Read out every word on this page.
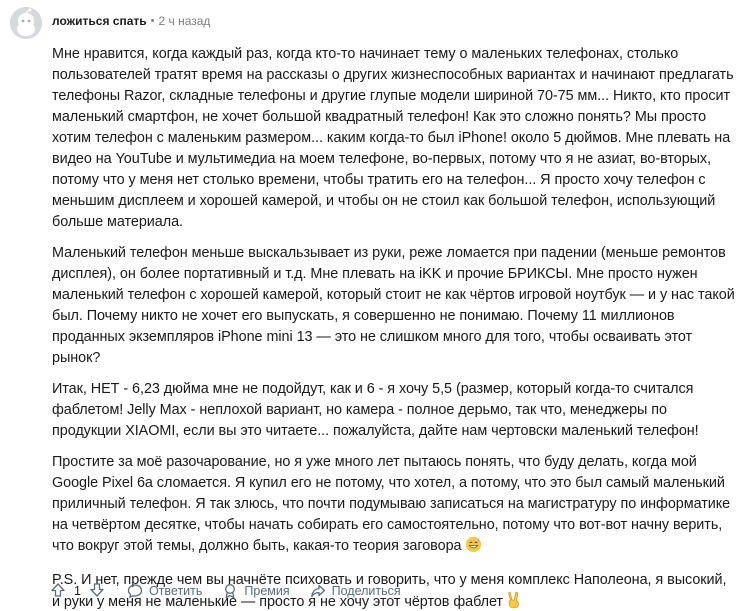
ложиться спать • 2 ч назад

Мне нравится, когда каждый раз, когда кто-то начинает тему о маленьких телефонах, столько пользователей тратят время на рассказы о других жизнеспособных вариантах и начинают предлагать телефоны Razor, складные телефоны и другие глупые модели шириной 70-75 мм... Никто, кто просит маленький смартфон, не хочет большой квадратный телефон! Как это сложно понять? Мы просто хотим телефон с маленьким размером... каким когда-то был iPhone! около 5 дюймов. Мне плевать на видео на YouTube и мультимедиа на моем телефоне, во-первых, потому что я не азиат, во-вторых, потому что у меня нет столько времени, чтобы тратить его на телефон... Я просто хочу телефон с меньшим дисплеем и хорошей камерой, и чтобы он не стоил как большой телефон, использующий больше материала.

Маленький телефон меньше выскальзывает из руки, реже ломается при падении (меньше ремонтов дисплея), он более портативный и т.д. Мне плевать на iKK и прочие БРИКСЫ. Мне просто нужен маленький телефон с хорошей камерой, который стоит не как чёртов игровой ноутбук — и у нас такой был. Почему никто не хочет его выпускать, я совершенно не понимаю. Почему 11 миллионов проданных экземпляров iPhone mini 13 — это не слишком много для того, чтобы осваивать этот рынок?

Итак, НЕТ - 6,23 дюйма мне не подойдут, как и 6 - я хочу 5,5 (размер, который когда-то считался фаблетом! Jelly Max - неплохой вариант, но камера - полное дерьмо, так что, менеджеры по продукции XIAOMI, если вы это читаете... пожалуйста, дайте нам чертовски маленький телефон!

Простите за моё разочарование, но я уже много лет пытаюсь понять, что буду делать, когда мой Google Pixel 6a сломается. Я купил его не потому, что хотел, а потому, что это был самый маленький приличный телефон. Я так злюсь, что почти подумываю записаться на магистратуру по информатике на четвёртом десятке, чтобы начать собирать его самостоятельно, потому что вот-вот начну верить, что вокруг этой темы, должно быть, какая-то теория заговора

P.S. И нет, прежде чем вы начнёте психовать и говорить, что у меня комплекс Наполеона, я высокий, и руки у меня не маленькие — просто я не хочу этот чёртов фаблет

1	Ответить	Премия	Поделиться
